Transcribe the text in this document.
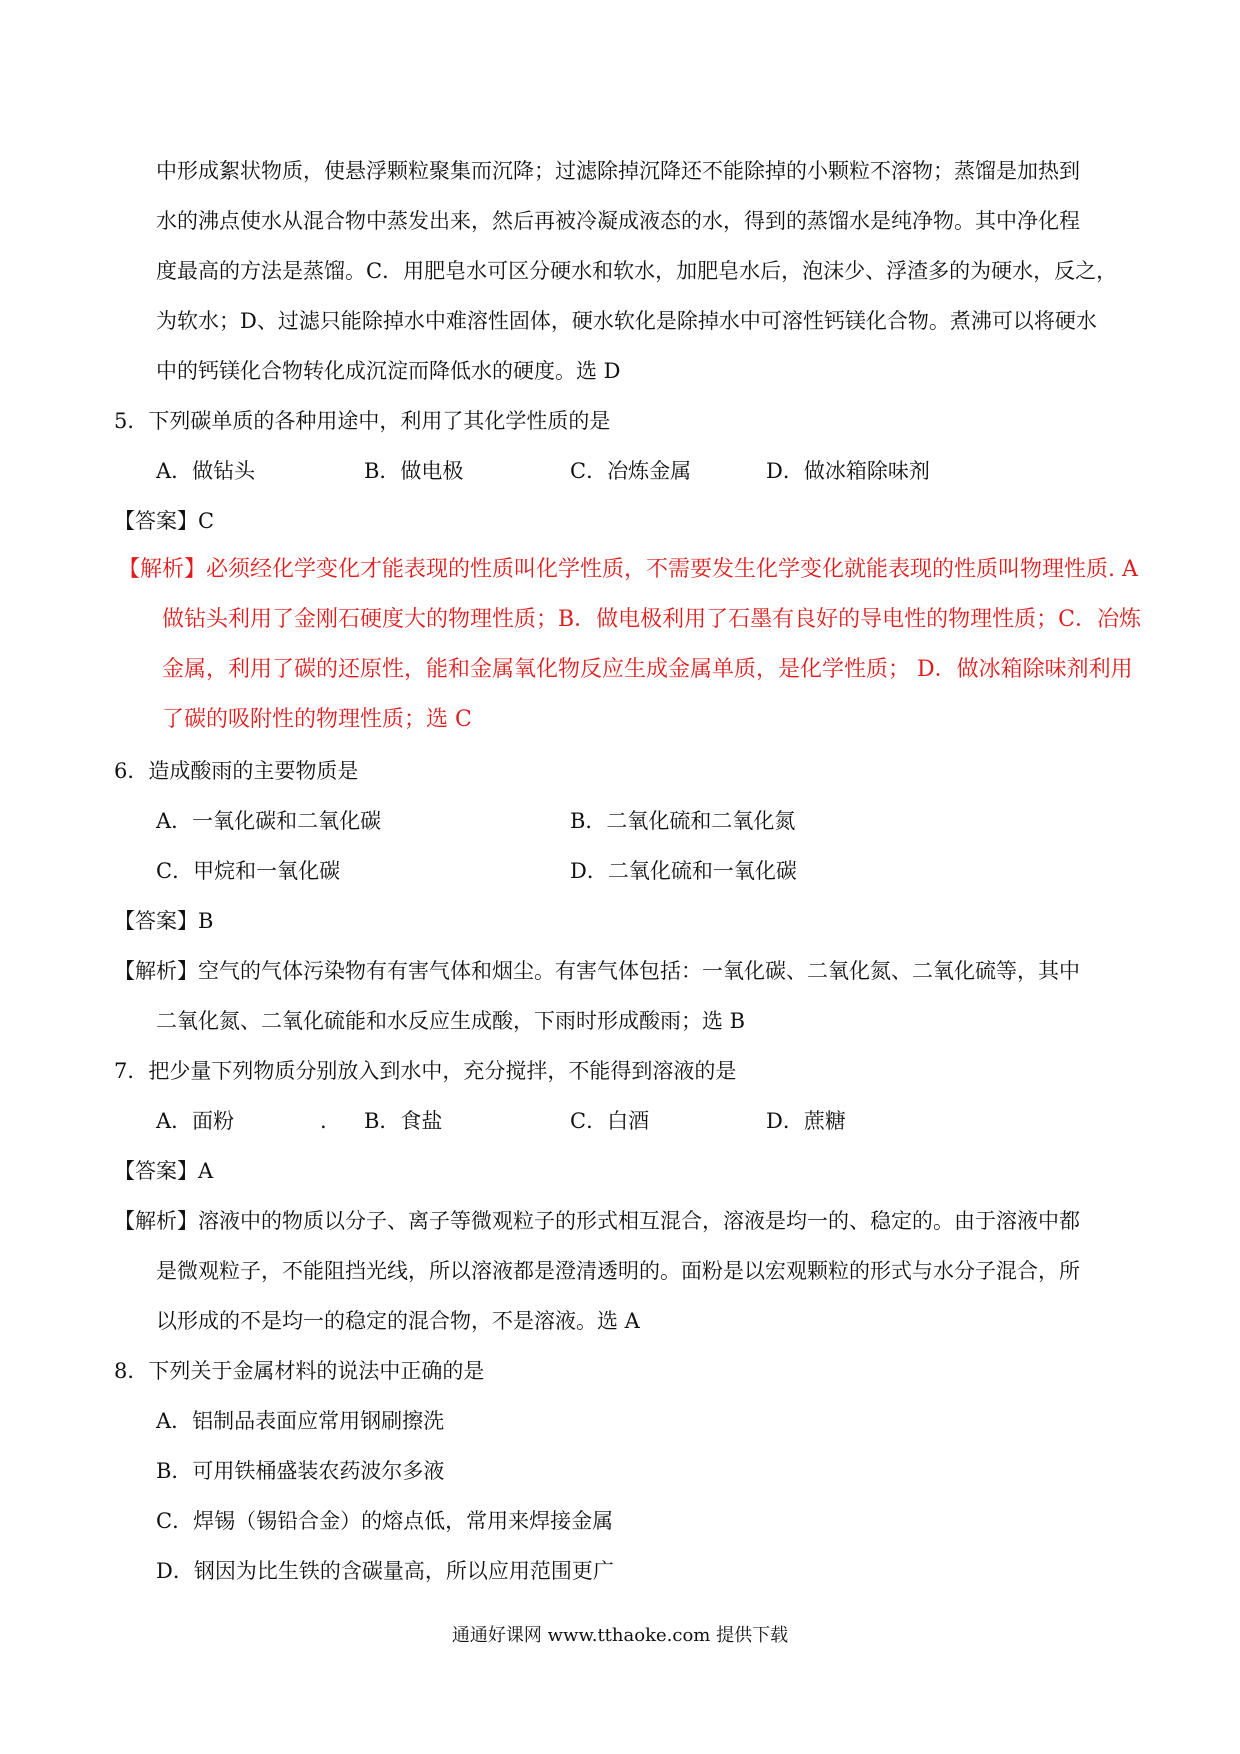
中形成絮状物质，使悬浮颗粒聚集而沉降；过滤除掉沉降还不能除掉的小颗粒不溶物；蒸馏是加热到
水的沸点使水从混合物中蒸发出来，然后再被冷凝成液态的水，得到的蒸馏水是纯净物。其中净化程
度最高的方法是蒸馏。C．用肥皂水可区分硬水和软水，加肥皂水后，泡沫少、浮渣多的为硬水，反之，
为软水；D、过滤只能除掉水中难溶性固体，硬水软化是除掉水中可溶性钙镁化合物。煮沸可以将硬水
中的钙镁化合物转化成沉淀而降低水的硬度。选 D
5．下列碳单质的各种用途中，利用了其化学性质的是
A．做钻头	B．做电极	C．冶炼金属	D．做冰箱除味剂
【答案】C
【解析】必须经化学变化才能表现的性质叫化学性质，不需要发生化学变化就能表现的性质叫物理性质. A
做钻头利用了金刚石硬度大的物理性质；B．做电极利用了石墨有良好的导电性的物理性质；C．冶炼
金属，利用了碳的还原性，能和金属氧化物反应生成金属单质，是化学性质； D．做冰箱除味剂利用
了碳的吸附性的物理性质；选 C
6．造成酸雨的主要物质是
A．一氧化碳和二氧化碳	B．二氧化硫和二氧化氮
C．甲烷和一氧化碳	D．二氧化硫和一氧化碳
【答案】B
【解析】空气的气体污染物有有害气体和烟尘。有害气体包括：一氧化碳、二氧化氮、二氧化硫等，其中
二氧化氮、二氧化硫能和水反应生成酸，下雨时形成酸雨；选 B
7．把少量下列物质分别放入到水中，充分搅拌，不能得到溶液的是
A．面粉	. B．食盐	C．白酒	D．蔗糖
【答案】A
【解析】溶液中的物质以分子、离子等微观粒子的形式相互混合，溶液是均一的、稳定的。由于溶液中都
是微观粒子，不能阻挡光线，所以溶液都是澄清透明的。面粉是以宏观颗粒的形式与水分子混合，所
以形成的不是均一的稳定的混合物，不是溶液。选 A
8．下列关于金属材料的说法中正确的是
A．铝制品表面应常用钢刷擦洗
B．可用铁桶盛装农药波尔多液
C．焊锡（锡铅合金）的熔点低，常用来焊接金属
D．钢因为比生铁的含碳量高，所以应用范围更广
通通好课网 www.tthaoke.com 提供下载
